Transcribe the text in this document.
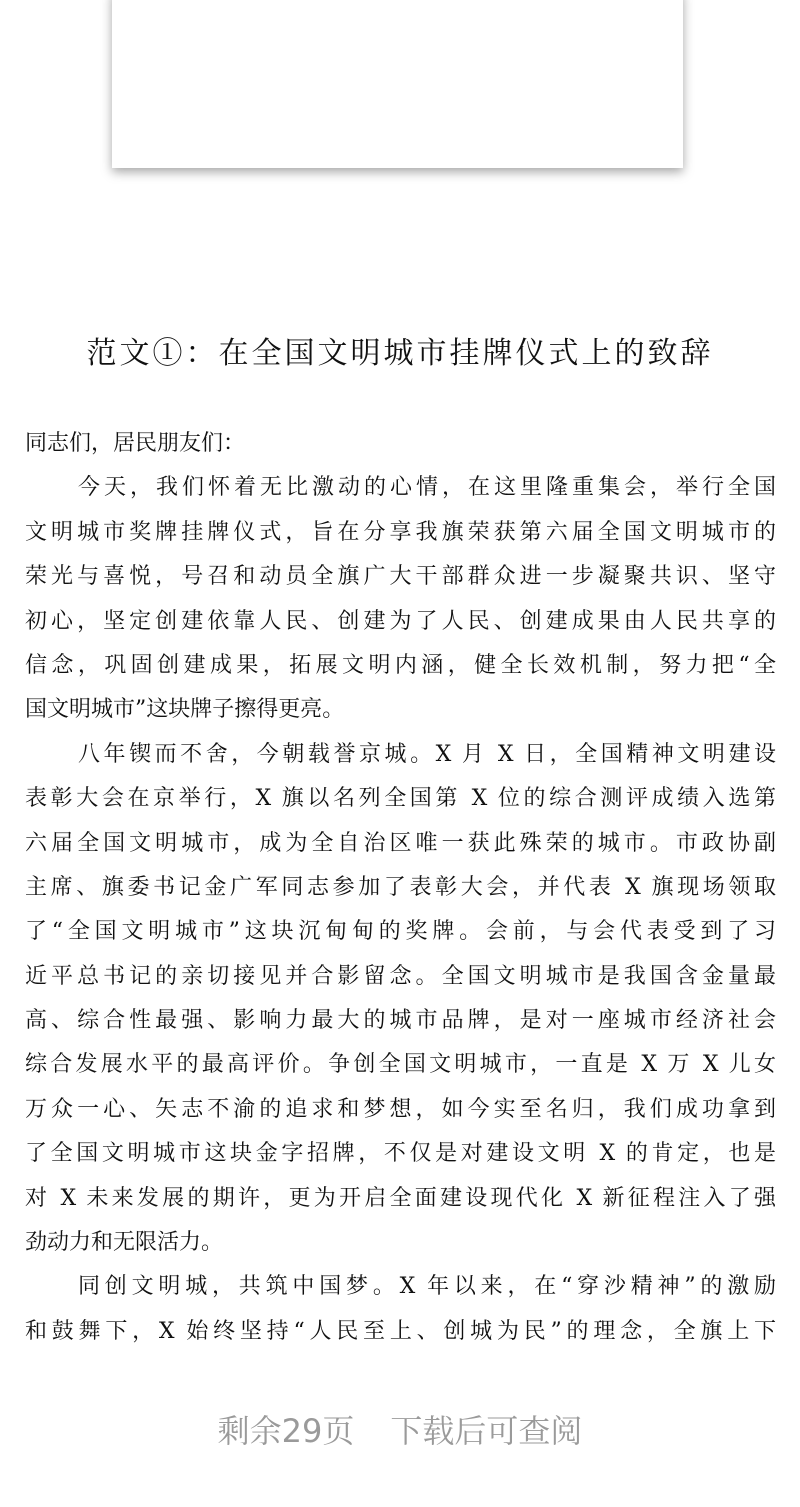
范文①：在全国文明城市挂牌仪式上的致辞
同志们，居民朋友们：
今天，我们怀着无比激动的心情，在这里隆重集会，举行全国
文明城市奖牌挂牌仪式，旨在分享我旗荣获第六届全国文明城市的
荣光与喜悦，号召和动员全旗广大干部群众进一步凝聚共识、坚守
初心，坚定创建依靠人民、创建为了人民、创建成果由人民共享的
信念，巩固创建成果，拓展文明内涵，健全长效机制，努力把“全
国文明城市”这块牌子擦得更亮。
八年锲而不舍，今朝载誉京城。X 月 X 日，全国精神文明建设
表彰大会在京举行，X 旗以名列全国第 X 位的综合测评成绩入选第
六届全国文明城市，成为全自治区唯一获此殊荣的城市。市政协副
主席、旗委书记金广军同志参加了表彰大会，并代表 X 旗现场领取
了“全国文明城市”这块沉甸甸的奖牌。会前，与会代表受到了习
近平总书记的亲切接见并合影留念。全国文明城市是我国含金量最
高、综合性最强、影响力最大的城市品牌，是对一座城市经济社会
综合发展水平的最高评价。争创全国文明城市，一直是 X 万 X 儿女
万众一心、矢志不渝的追求和梦想，如今实至名归，我们成功拿到
了全国文明城市这块金字招牌，不仅是对建设文明 X 的肯定，也是
对 X 未来发展的期许，更为开启全面建设现代化 X 新征程注入了强
劲动力和无限活力。
同创文明城，共筑中国梦。X 年以来，在“穿沙精神”的激励
和鼓舞下，X 始终坚持“人民至上、创城为民”的理念，全旗上下
剩余29页 下载后可查阅
